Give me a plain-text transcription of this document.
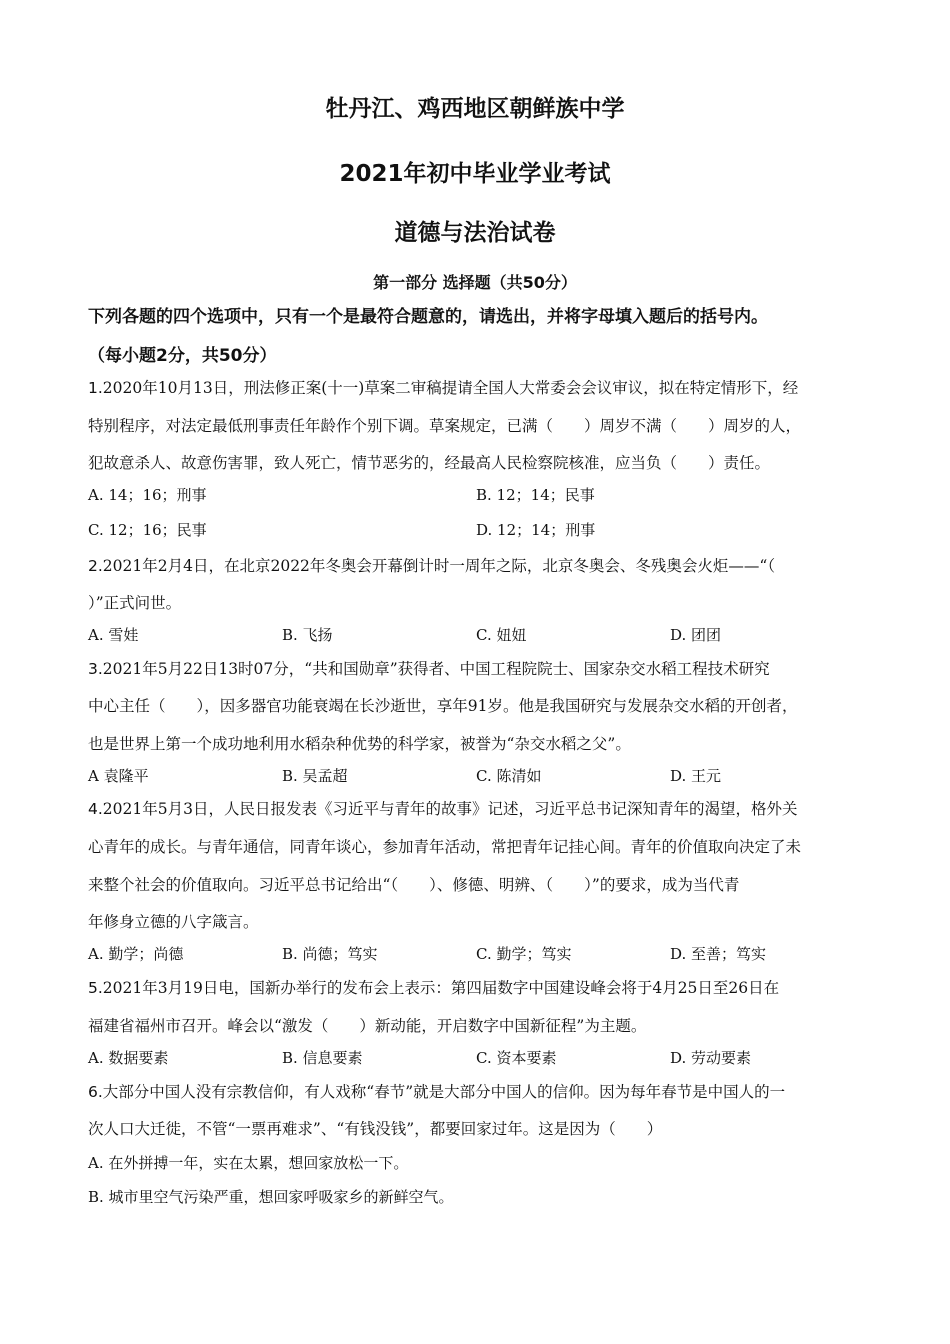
牡丹江、鸡西地区朝鲜族中学
2021年初中毕业学业考试
道德与法治试卷
第一部分 选择题（共50分）
下列各题的四个选项中，只有一个是最符合题意的，请选出，并将字母填入题后的括号内。
（每小题2分，共50分）
1.2020年10月13日，刑法修正案(十一)草案二审稿提请全国人大常委会会议审议，拟在特定情形下，经
特别程序，对法定最低刑事责任年龄作个别下调。草案规定，已满（　　）周岁不满（　　）周岁的人，
犯故意杀人、故意伤害罪，致人死亡，情节恶劣的，经最高人民检察院核准，应当负（　　）责任。
A. 14；16；刑事	B. 12；14；民事
C. 12；16；民事	D. 12；14；刑事
2.2021年2月4日，在北京2022年冬奥会开幕倒计时一周年之际，北京冬奥会、冬残奥会火炬——“（
）”正式问世。
A. 雪娃	B. 飞扬	C. 妞妞	D. 团团
3.2021年5月22日13时07分，“共和国勋章”获得者、中国工程院院士、国家杂交水稻工程技术研究
中心主任（　　），因多器官功能衰竭在长沙逝世，享年91岁。他是我国研究与发展杂交水稻的开创者，
也是世界上第一个成功地利用水稻杂种优势的科学家，被誉为“杂交水稻之父”。
A 袁隆平	B. 吴孟超	C. 陈清如	D. 王元
4.2021年5月3日，人民日报发表《习近平与青年的故事》记述，习近平总书记深知青年的渴望，格外关
心青年的成长。与青年通信，同青年谈心，参加青年活动，常把青年记挂心间。青年的价值取向决定了未
来整个社会的价值取向。习近平总书记给出“（　　）、修德、明辨、（　　）”的要求，成为当代青
年修身立德的八字箴言。
A. 勤学；尚德	B. 尚德；笃实	C. 勤学；笃实	D. 至善；笃实
5.2021年3月19日电，国新办举行的发布会上表示：第四届数字中国建设峰会将于4月25日至26日在
福建省福州市召开。峰会以“激发（　　）新动能，开启数字中国新征程”为主题。
A. 数据要素	B. 信息要素	C. 资本要素	D. 劳动要素
6.大部分中国人没有宗教信仰，有人戏称“春节”就是大部分中国人的信仰。因为每年春节是中国人的一
次人口大迁徙，不管“一票再难求”、“有钱没钱”，都要回家过年。这是因为（　　）
A. 在外拼搏一年，实在太累，想回家放松一下。
B. 城市里空气污染严重，想回家呼吸家乡的新鲜空气。
